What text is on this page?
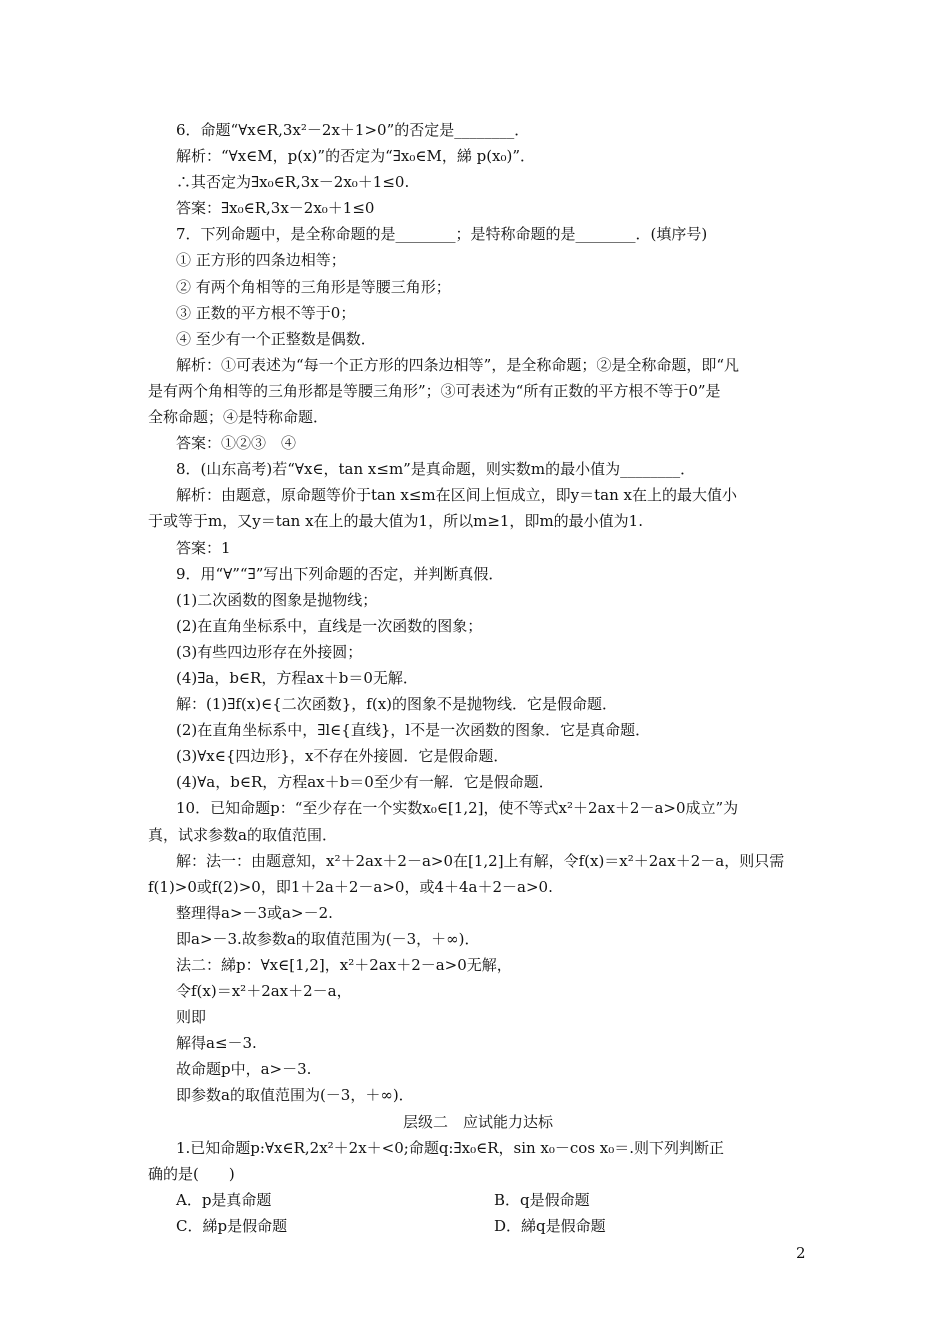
6．命题“∀x∈R,3x²－2x＋1>0”的否定是________．
解析：“∀x∈M，p(x)”的否定为“∃x₀∈M，綈 p(x₀)”．
∴其否定为∃x₀∈R,3x－2x₀＋1≤0.
答案：∃x₀∈R,3x－2x₀＋1≤0
7．下列命题中，是全称命题的是________；是特称命题的是________．(填序号)
① 正方形的四条边相等；
② 有两个角相等的三角形是等腰三角形；
③ 正数的平方根不等于0；
④ 至少有一个正整数是偶数．
解析：①可表述为“每一个正方形的四条边相等”，是全称命题；②是全称命题，即“凡
是有两个角相等的三角形都是等腰三角形”；③可表述为“所有正数的平方根不等于0”是
全称命题；④是特称命题．
答案：①②③　④
8．(山东高考)若“∀x∈，tan x≤m”是真命题，则实数m的最小值为________．
解析：由题意，原命题等价于tan x≤m在区间上恒成立，即y＝tan x在上的最大值小
于或等于m，又y＝tan x在上的最大值为1，所以m≥1，即m的最小值为1.
答案：1
9．用“∀”“∃”写出下列命题的否定，并判断真假．
(1)二次函数的图象是抛物线；
(2)在直角坐标系中，直线是一次函数的图象；
(3)有些四边形存在外接圆；
(4)∃a，b∈R，方程ax＋b＝0无解．
解：(1)∃f(x)∈{二次函数}，f(x)的图象不是抛物线．它是假命题．
(2)在直角坐标系中，∃l∈{直线}，l不是一次函数的图象．它是真命题．
(3)∀x∈{四边形}，x不存在外接圆．它是假命题．
(4)∀a，b∈R，方程ax＋b＝0至少有一解．它是假命题．
10．已知命题p：“至少存在一个实数x₀∈[1,2]，使不等式x²＋2ax＋2－a>0成立”为
真，试求参数a的取值范围．
解：法一：由题意知，x²＋2ax＋2－a>0在[1,2]上有解，令f(x)＝x²＋2ax＋2－a，则只需
f(1)>0或f(2)>0，即1＋2a＋2－a>0，或4＋4a＋2－a>0.
整理得a>－3或a>－2.
即a>－3.故参数a的取值范围为(－3，＋∞)．
法二：綈p：∀x∈[1,2]，x²＋2ax＋2－a>0无解，
令f(x)＝x²＋2ax＋2－a，
则即
解得a≤－3.
故命题p中，a>－3.
即参数a的取值范围为(－3，＋∞)．
层级二　应试能力达标
1.已知命题p:∀x∈R,2x²＋2x＋<0;命题q:∃x₀∈R，sin x₀－cos x₀＝.则下列判断正
确的是(　　)
A．p是真命题	B．q是假命题
C．綈p是假命题	D．綈q是假命题
2
